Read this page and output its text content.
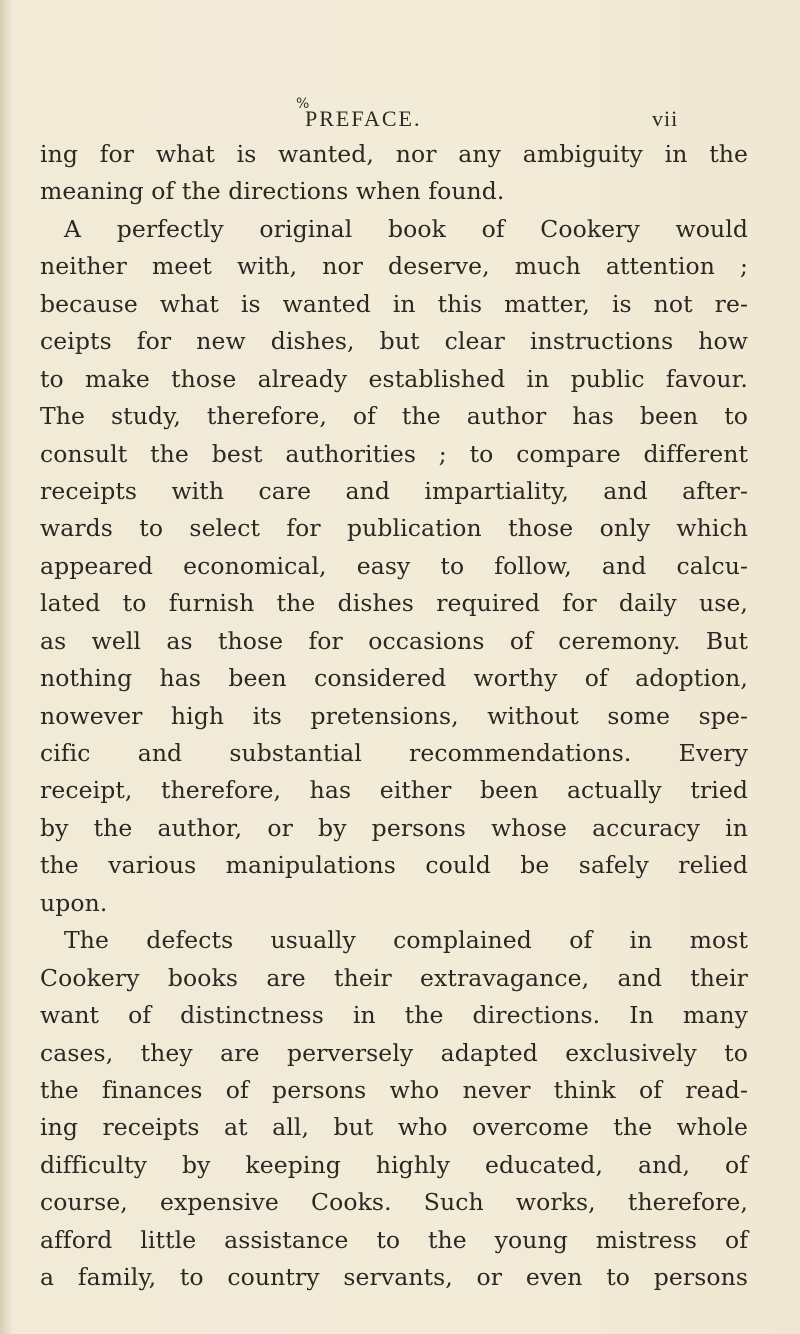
%
PREFACE.	vii
ing for what is wanted, nor any ambiguity in the
meaning of the directions when found.
A perfectly original book of Cookery would
neither meet with, nor deserve, much attention ;
because what is wanted in this matter, is not re-
ceipts for new dishes, but clear instructions how
to make those already established in public favour.
The study, therefore, of the author has been to
consult the best authorities ; to compare different
receipts with care and impartiality, and after-
wards to select for publication those only which
appeared economical, easy to follow, and calcu-
lated to furnish the dishes required for daily use,
as well as those for occasions of ceremony. But
nothing has been considered worthy of adoption,
nowever high its pretensions, without some spe-
cific and substantial recommendations. Every
receipt, therefore, has either been actually tried
by the author, or by persons whose accuracy in
the various manipulations could be safely relied
upon.
The defects usually complained of in most
Cookery books are their extravagance, and their
want of distinctness in the directions. In many
cases, they are perversely adapted exclusively to
the finances of persons who never think of read-
ing receipts at all, but who overcome the whole
difficulty by keeping highly educated, and, of
course, expensive Cooks. Such works, therefore,
afford little assistance to the young mistress of
a family, to country servants, or even to persons
